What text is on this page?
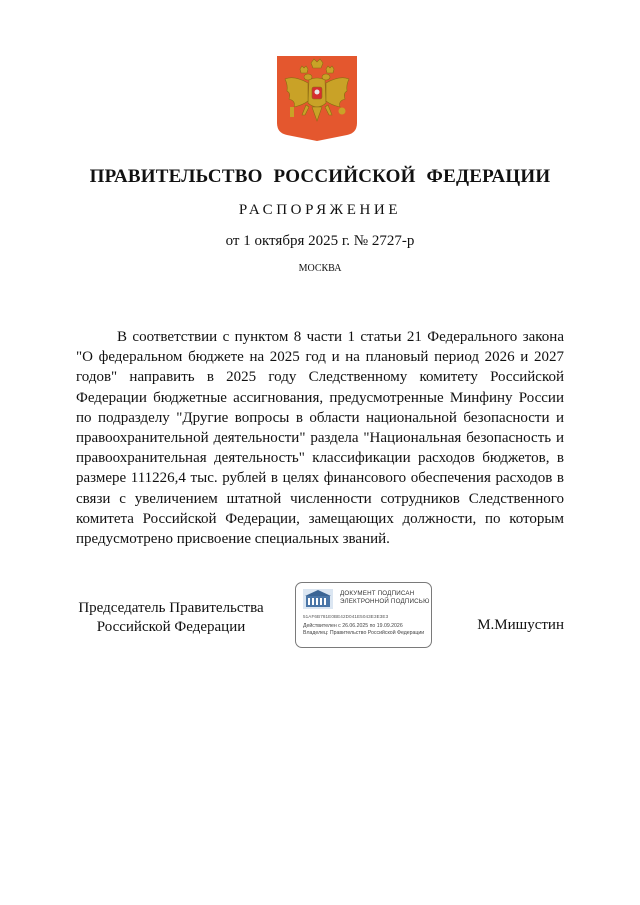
ПРАВИТЕЛЬСТВО РОССИЙСКОЙ ФЕДЕРАЦИИ
РАСПОРЯЖЕНИЕ
от 1 октября 2025 г. № 2727-р
МОСКВА

В соответствии с пунктом 8 части 1 статьи 21 Федерального закона "О федеральном бюджете на 2025 год и на плановый период 2026 и 2027 годов" направить в 2025 году Следственному комитету Российской Федерации бюджетные ассигнования, предусмотренные Минфину России по подразделу "Другие вопросы в области национальной безопасности и правоохранительной деятельности" раздела "Национальная безопасность и правоохранительная деятельность" классификации расходов бюджетов, в размере 111226,4 тыс. рублей в целях финансового обеспечения расходов в связи с увеличением штатной численности сотрудников Следственного комитета Российской Федерации, замещающих должности, по которым предусмотрено присвоение специальных званий.

Председатель Правительства
Российской Федерации
ДОКУМЕНТ ПОДПИСАН
ЭЛЕКТРОННОЙ ПОДПИСЬЮ
51AF6B781E0BE42D041E5043E3E3E3
Действителен с 26.06.2025 по 19.09.2026
Владелец: Правительство Российской Федерации	М.Мишустин
